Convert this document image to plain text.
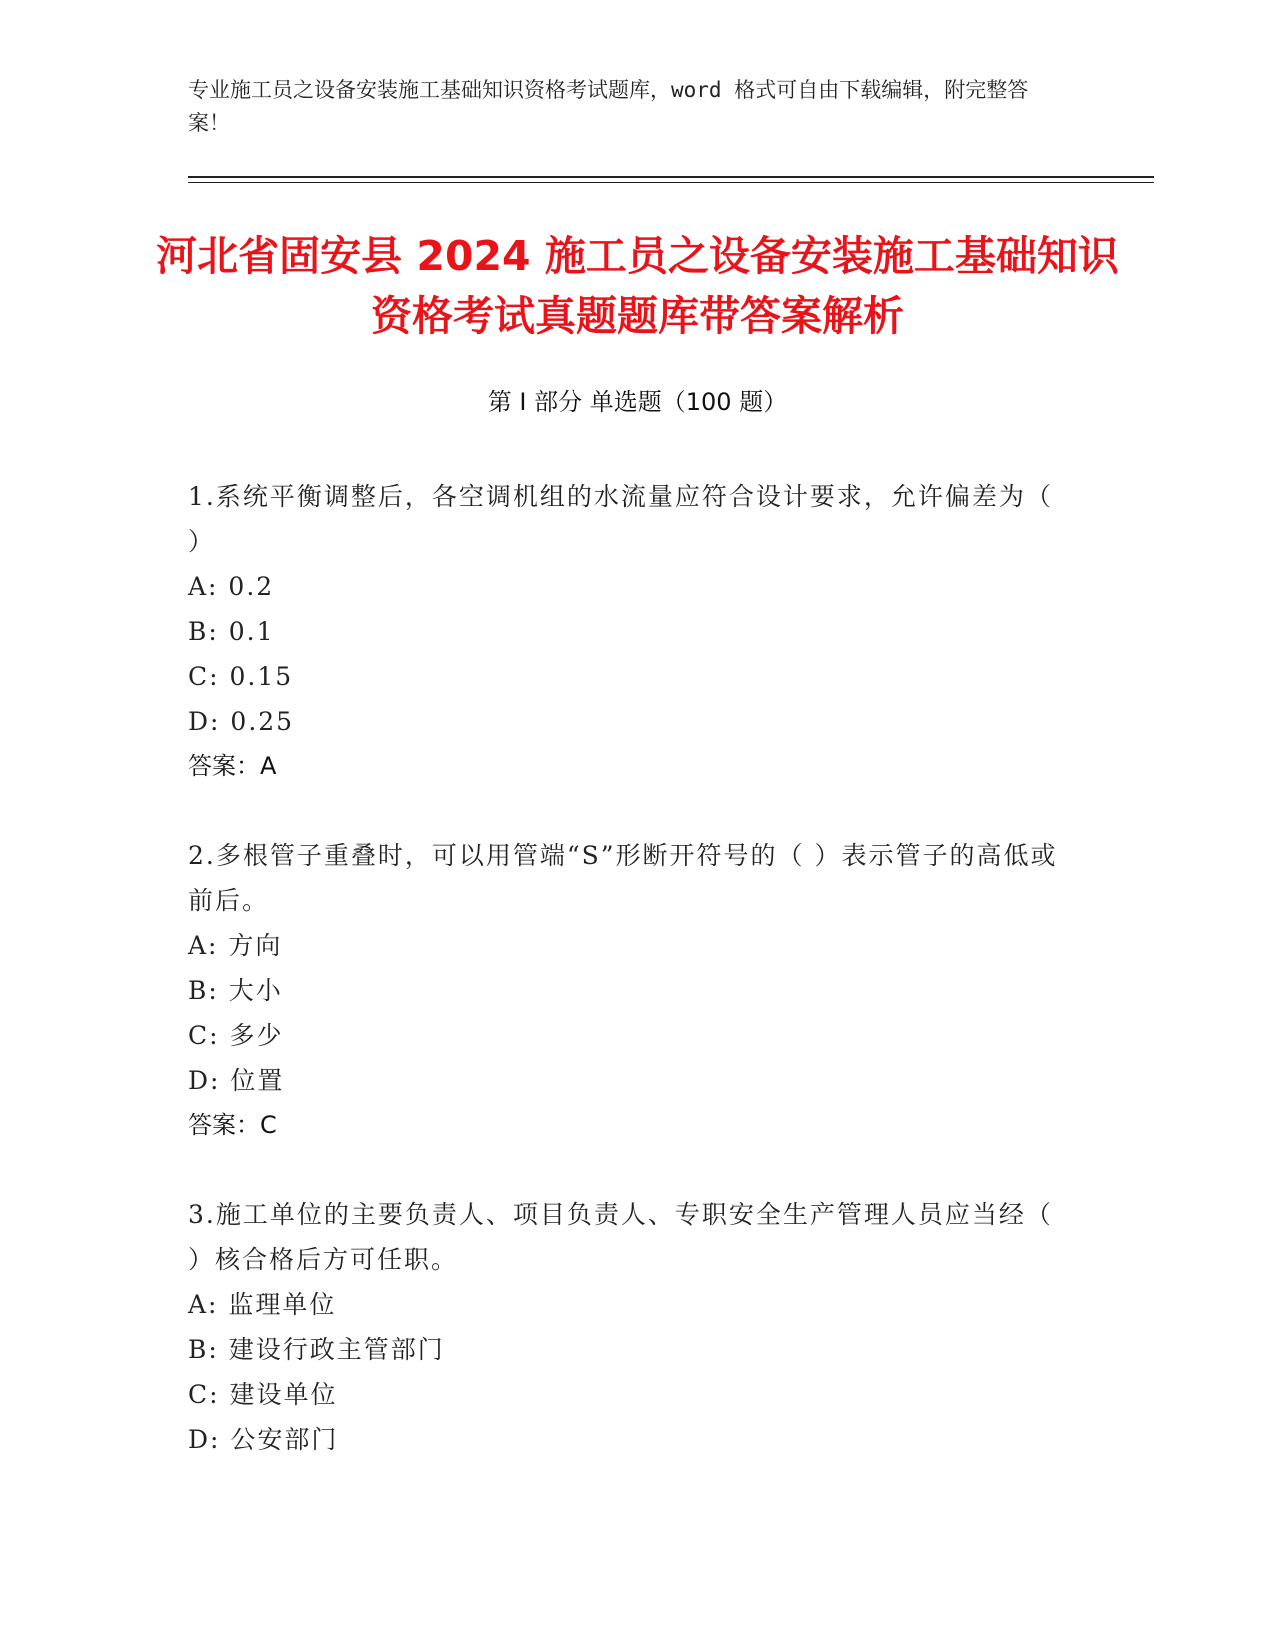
专业施工员之设备安装施工基础知识资格考试题库，word 格式可自由下载编辑，附完整答案！
河北省固安县 2024 施工员之设备安装施工基础知识资格考试真题题库带答案解析
第 I 部分 单选题（100 题）
1.系统平衡调整后，各空调机组的水流量应符合设计要求，允许偏差为（ ）
A: 0.2
B: 0.1
C: 0.15
D: 0.25
答案：A
2.多根管子重叠时，可以用管端“S”形断开符号的（ ）表示管子的高低或前后。
A: 方向
B: 大小
C: 多少
D: 位置
答案：C
3.施工单位的主要负责人、项目负责人、专职安全生产管理人员应当经（ ）核合格后方可任职。
A: 监理单位
B: 建设行政主管部门
C: 建设单位
D: 公安部门
